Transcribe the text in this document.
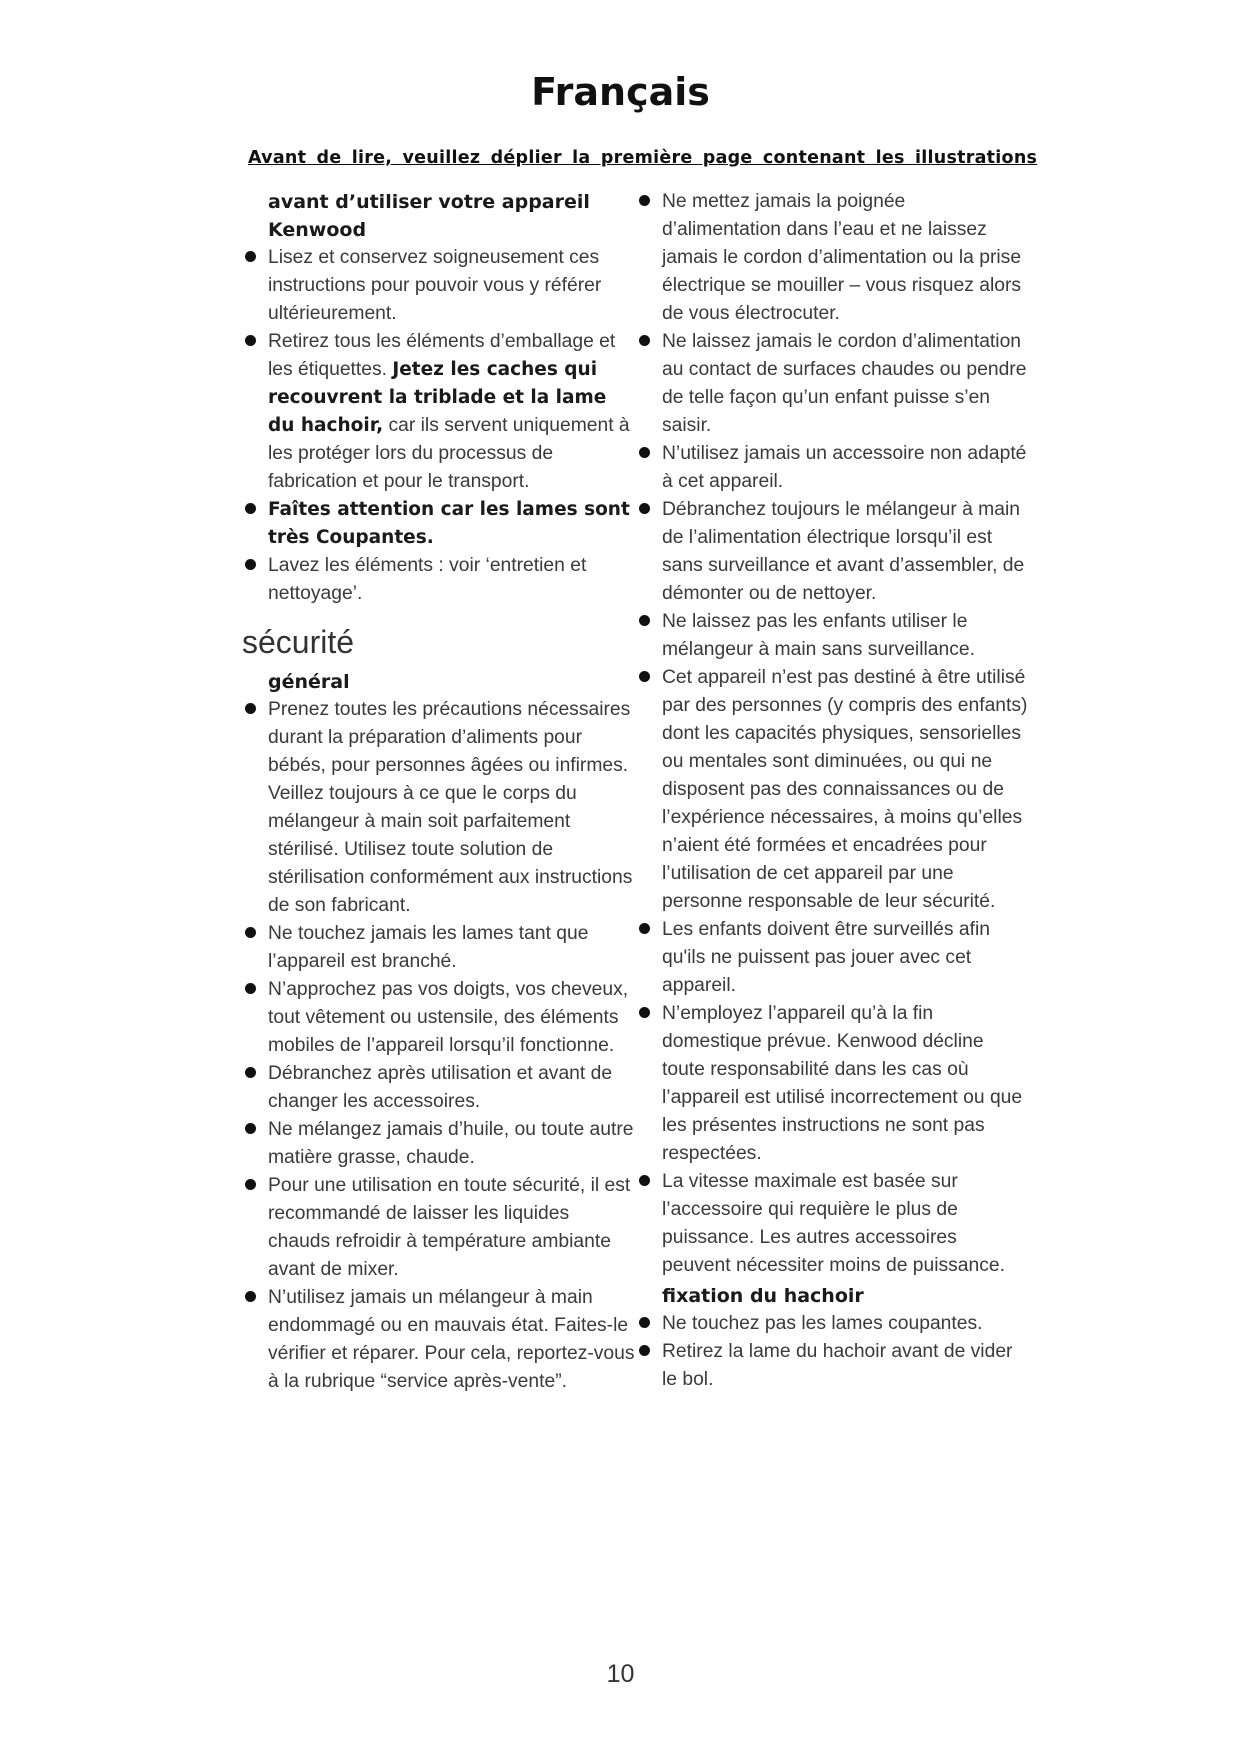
Français
Avant de lire, veuillez déplier la première page contenant les illustrations

avant d’utiliser votre appareil Kenwood

Lisez et conservez soigneusement ces instructions pour pouvoir vous y référer ultérieurement.
Retirez tous les éléments d’emballage et les étiquettes. Jetez les caches qui recouvrent la triblade et la lame du hachoir, car ils servent uniquement à les protéger lors du processus de fabrication et pour le transport.
Faîtes attention car les lames sont très Coupantes.
Lavez les éléments : voir ‘entretien et nettoyage’.
sécurité

général

Prenez toutes les précautions nécessaires durant la préparation d’aliments pour bébés, pour personnes âgées ou infirmes. Veillez toujours à ce que le corps du mélangeur à main soit parfaitement stérilisé. Utilisez toute solution de stérilisation conformément aux instructions de son fabricant.
Ne touchez jamais les lames tant que l’appareil est branché.
N’approchez pas vos doigts, vos cheveux, tout vêtement ou ustensile, des éléments mobiles de l’appareil lorsqu’il fonctionne.
Débranchez après utilisation et avant de changer les accessoires.
Ne mélangez jamais d’huile, ou toute autre matière grasse, chaude.
Pour une utilisation en toute sécurité, il est recommandé de laisser les liquides chauds refroidir à température ambiante avant de mixer.
N’utilisez jamais un mélangeur à main endommagé ou en mauvais état. Faites-le vérifier et réparer. Pour cela, reportez-vous à la rubrique “service après-vente”.
Ne mettez jamais la poignée d’alimentation dans l’eau et ne laissez jamais le cordon d’alimentation ou la prise électrique se mouiller – vous risquez alors de vous électrocuter.
Ne laissez jamais le cordon d’alimentation au contact de surfaces chaudes ou pendre de telle façon qu’un enfant puisse s’en saisir.
N’utilisez jamais un accessoire non adapté à cet appareil.
Débranchez toujours le mélangeur à main de l’alimentation électrique lorsqu’il est sans surveillance et avant d’assembler, de démonter ou de nettoyer.
Ne laissez pas les enfants utiliser le mélangeur à main sans surveillance.
Cet appareil n’est pas destiné à être utilisé par des personnes (y compris des enfants) dont les capacités physiques, sensorielles ou mentales sont diminuées, ou qui ne disposent pas des connaissances ou de l’expérience nécessaires, à moins qu’elles n’aient été formées et encadrées pour l’utilisation de cet appareil par une personne responsable de leur sécurité.
Les enfants doivent être surveillés afin qu'ils ne puissent pas jouer avec cet appareil.
N’employez l’appareil qu’à la fin domestique prévue. Kenwood décline toute responsabilité dans les cas où l’appareil est utilisé incorrectement ou que les présentes instructions ne sont pas respectées.
La vitesse maximale est basée sur l’accessoire qui requière le plus de puissance. Les autres accessoires peuvent nécessiter moins de puissance.

fixation du hachoir

Ne touchez pas les lames coupantes.
Retirez la lame du hachoir avant de vider le bol.
10
